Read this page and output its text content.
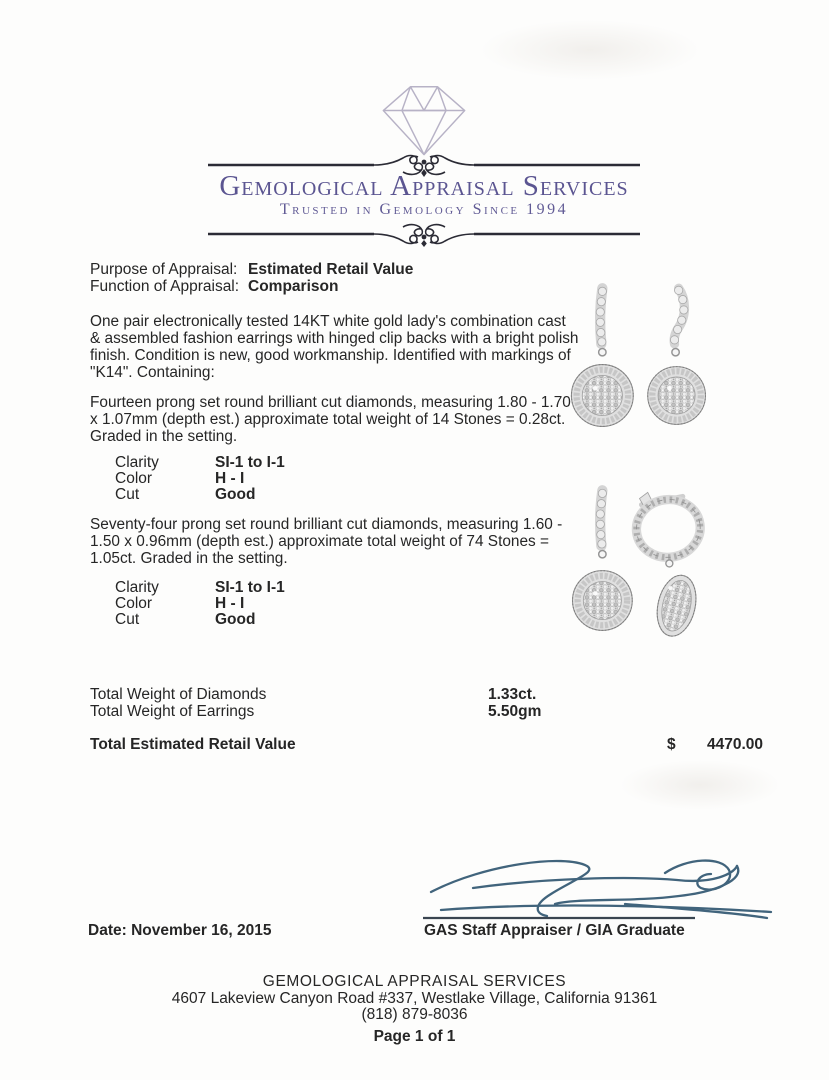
Gemological Appraisal Services
Trusted in Gemology Since 1994
Purpose of Appraisal: Estimated Retail Value
Function of Appraisal: Comparison

One pair electronically tested 14KT white gold lady's combination cast & assembled fashion earrings with hinged clip backs with a bright polish finish. Condition is new, good workmanship. Identified with markings of "K14". Containing:

Fourteen prong set round brilliant cut diamonds, measuring 1.80 - 1.70 x 1.07mm (depth est.) approximate total weight of 14 Stones = 0.28ct. Graded in the setting.

Clarity	SI-1 to I-1
Color	H - I
Cut	Good

Seventy-four prong set round brilliant cut diamonds, measuring 1.60 - 1.50 x 0.96mm (depth est.) approximate total weight of 74 Stones = 1.05ct. Graded in the setting.

Clarity	SI-1 to I-1
Color	H - I
Cut	Good
Total Weight of Diamonds	1.33ct.
Total Weight of Earrings	5.50gm
Total Estimated Retail Value	$ 4470.00
Date: November 16, 2015	GAS Staff Appraiser / GIA Graduate
GEMOLOGICAL APPRAISAL SERVICES
4607 Lakeview Canyon Road #337, Westlake Village, California 91361
(818) 879-8036
Page 1 of 1
